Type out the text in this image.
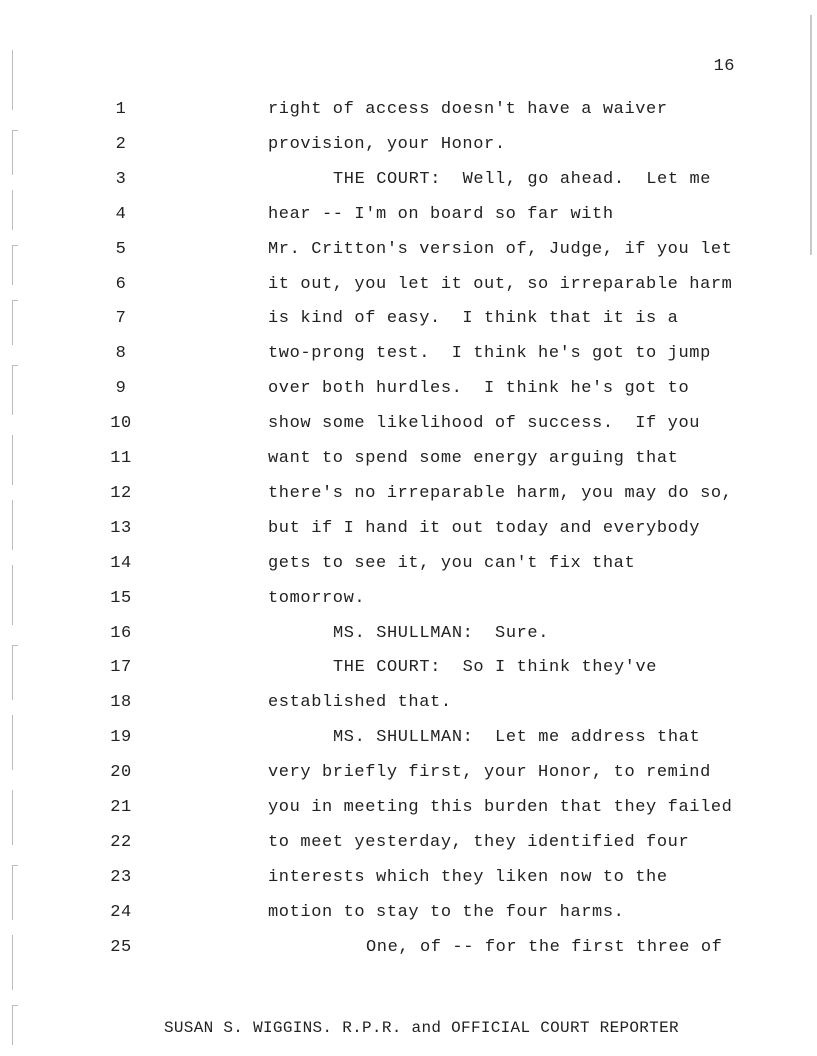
16
1	right of access doesn't have a waiver
2	provision, your Honor.
3	THE COURT:  Well, go ahead.  Let me
4	hear -- I'm on board so far with
5	Mr. Critton's version of, Judge, if you let
6	it out, you let it out, so irreparable harm
7	is kind of easy.  I think that it is a
8	two-prong test.  I think he's got to jump
9	over both hurdles.  I think he's got to
10	show some likelihood of success.  If you
11	want to spend some energy arguing that
12	there's no irreparable harm, you may do so,
13	but if I hand it out today and everybody
14	gets to see it, you can't fix that
15	tomorrow.
16	MS. SHULLMAN:  Sure.
17	THE COURT:  So I think they've
18	established that.
19	MS. SHULLMAN:  Let me address that
20	very briefly first, your Honor, to remind
21	you in meeting this burden that they failed
22	to meet yesterday, they identified four
23	interests which they liken now to the
24	motion to stay to the four harms.
25	One, of -- for the first three of
SUSAN S. WIGGINS. R.P.R. and OFFICIAL COURT REPORTER
